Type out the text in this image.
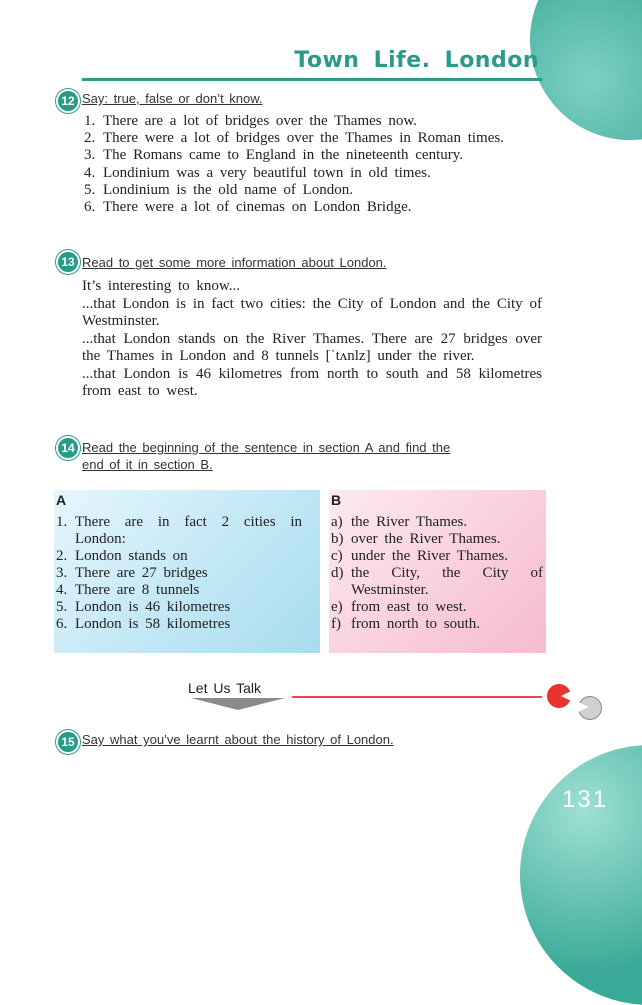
131
Town Life. London
12 Say: true, false or don’t know.
1. There are a lot of bridges over the Thames now.
2. There were a lot of bridges over the Thames in Roman times.
3. The Romans came to England in the nineteenth century.
4. Londinium was a very beautiful town in old times.
5. Londinium is the old name of London.
6. There were a lot of cinemas on London Bridge.
13 Read to get some more information about London.

It’s interesting to know...

...that London is in fact two cities: the City of London and the City of Westminster.

...that London stands on the River Thames. There are 27 bridges over the Thames in London and 8 tunnels [ˈtʌnlz] under the river.

...that London is 46 kilometres from north to south and 58 kilometres from east to west.

14 Read the beginning of the sentence in section A and find the
end of it in section B.
A	B
1. There are in fact 2 cities in London:
2. London stands on
3. There are 27 bridges
4. There are 8 tunnels
5. London is 46 kilometres
6. London is 58 kilometres
a) the River Thames.
b) over the River Thames.
c) under the River Thames.
d) the City, the City of Westminster.
e) from east to west.
f) from north to south.
Let Us Talk
15 Say what you’ve learnt about the history of London.
